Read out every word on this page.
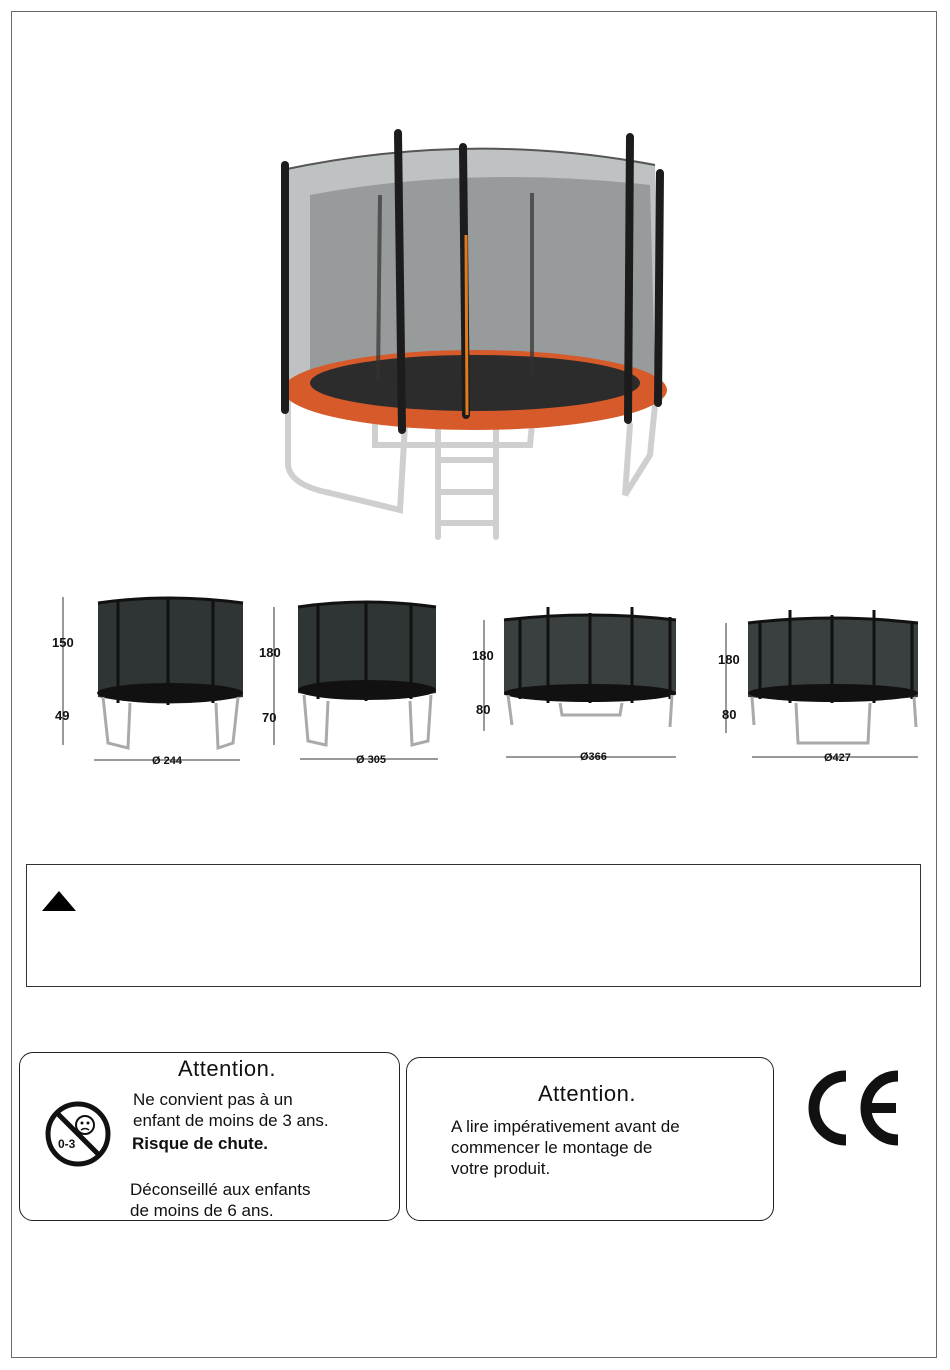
150
49
Ø 244
180
70
Ø 305
180
80
Ø366
180
80
Ø427
Attention.
0-3
Ne convient pas à un
enfant de moins de 3 ans.
Risque de chute.
Déconseillé aux enfants
de moins de 6 ans.
Attention.
A lire impérativement avant de
commencer le montage de
votre produit.
